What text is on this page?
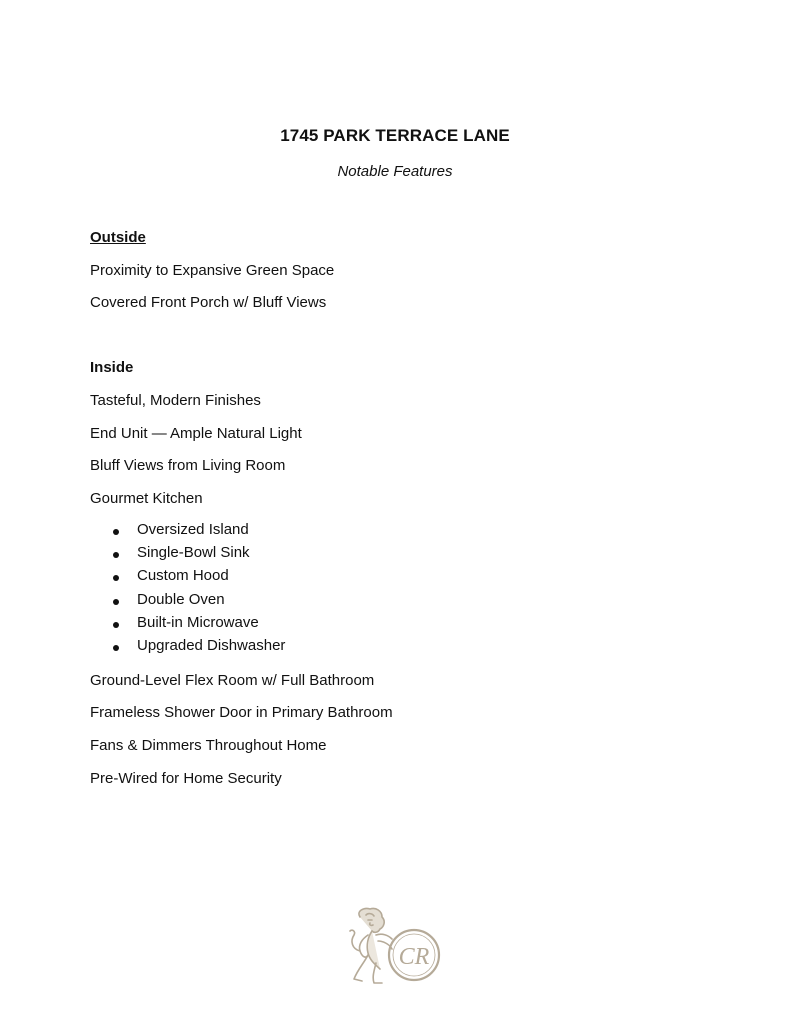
1745 PARK TERRACE LANE
Notable Features
Outside
Proximity to Expansive Green Space
Covered Front Porch w/ Bluff Views
Inside
Tasteful, Modern Finishes
End Unit — Ample Natural Light
Bluff Views from Living Room
Gourmet Kitchen
Oversized Island
Single-Bowl Sink
Custom Hood
Double Oven
Built-in Microwave
Upgraded Dishwasher
Ground-Level Flex Room w/ Full Bathroom
Frameless Shower Door in Primary Bathroom
Fans & Dimmers Throughout Home
Pre-Wired for Home Security
CR
